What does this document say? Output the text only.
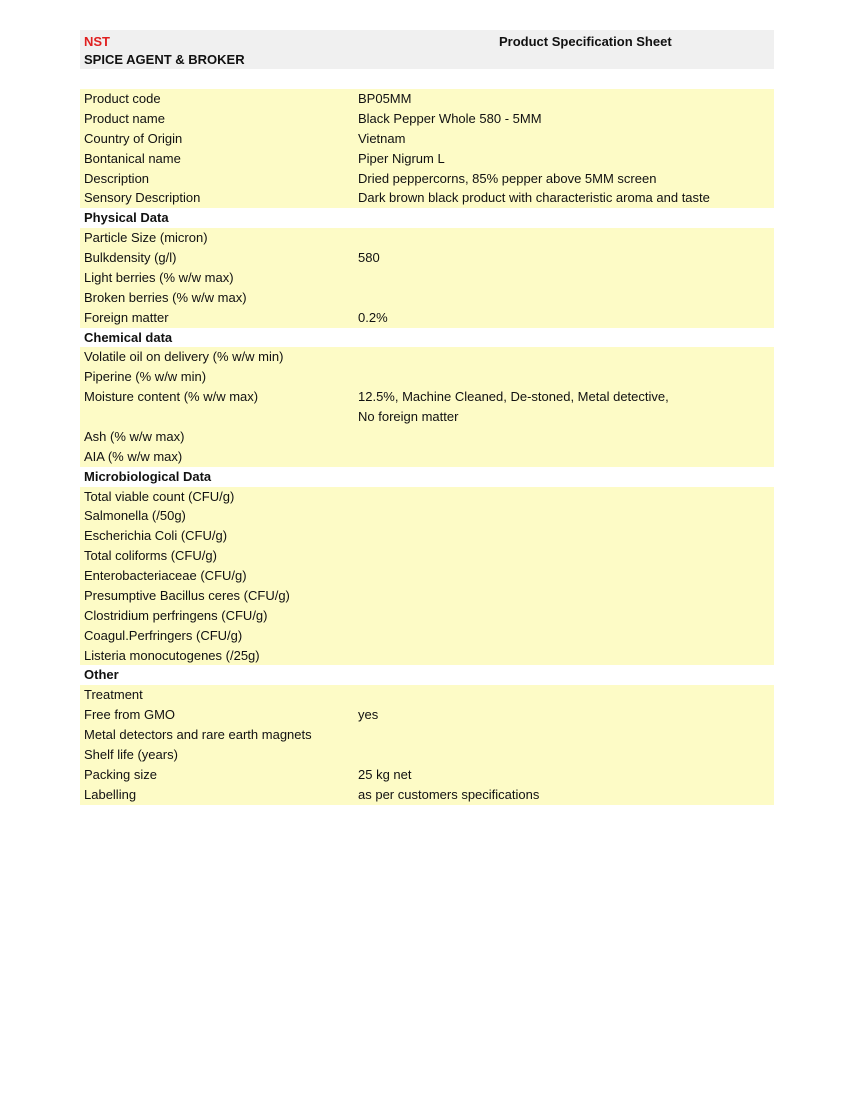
NST
SPICE AGENT & BROKER
Product Specification Sheet
Product code	BP05MM
Product name	Black Pepper Whole 580 - 5MM
Country of Origin	Vietnam
Bontanical name	Piper Nigrum L
Description	Dried peppercorns, 85% pepper above 5MM screen
Sensory Description	Dark brown black product with characteristic aroma and taste
Physical Data
Particle Size (micron)
Bulkdensity (g/l)	580
Light berries (% w/w max)
Broken berries (% w/w max)
Foreign matter	0.2%
Chemical data
Volatile oil on delivery (% w/w min)
Piperine (% w/w min)
Moisture content (% w/w max)	12.5%, Machine Cleaned, De-stoned, Metal detective,
No foreign matter
Ash (% w/w max)
AIA (% w/w max)
Microbiological Data
Total viable count (CFU/g)
Salmonella (/50g)
Escherichia Coli (CFU/g)
Total coliforms (CFU/g)
Enterobacteriaceae (CFU/g)
Presumptive Bacillus ceres (CFU/g)
Clostridium perfringens (CFU/g)
Coagul.Perfringers (CFU/g)
Listeria monocutogenes (/25g)
Other
Treatment
Free from GMO	yes
Metal detectors and rare earth magnets
Shelf life (years)
Packing size	25 kg net
Labelling	as per customers specifications
